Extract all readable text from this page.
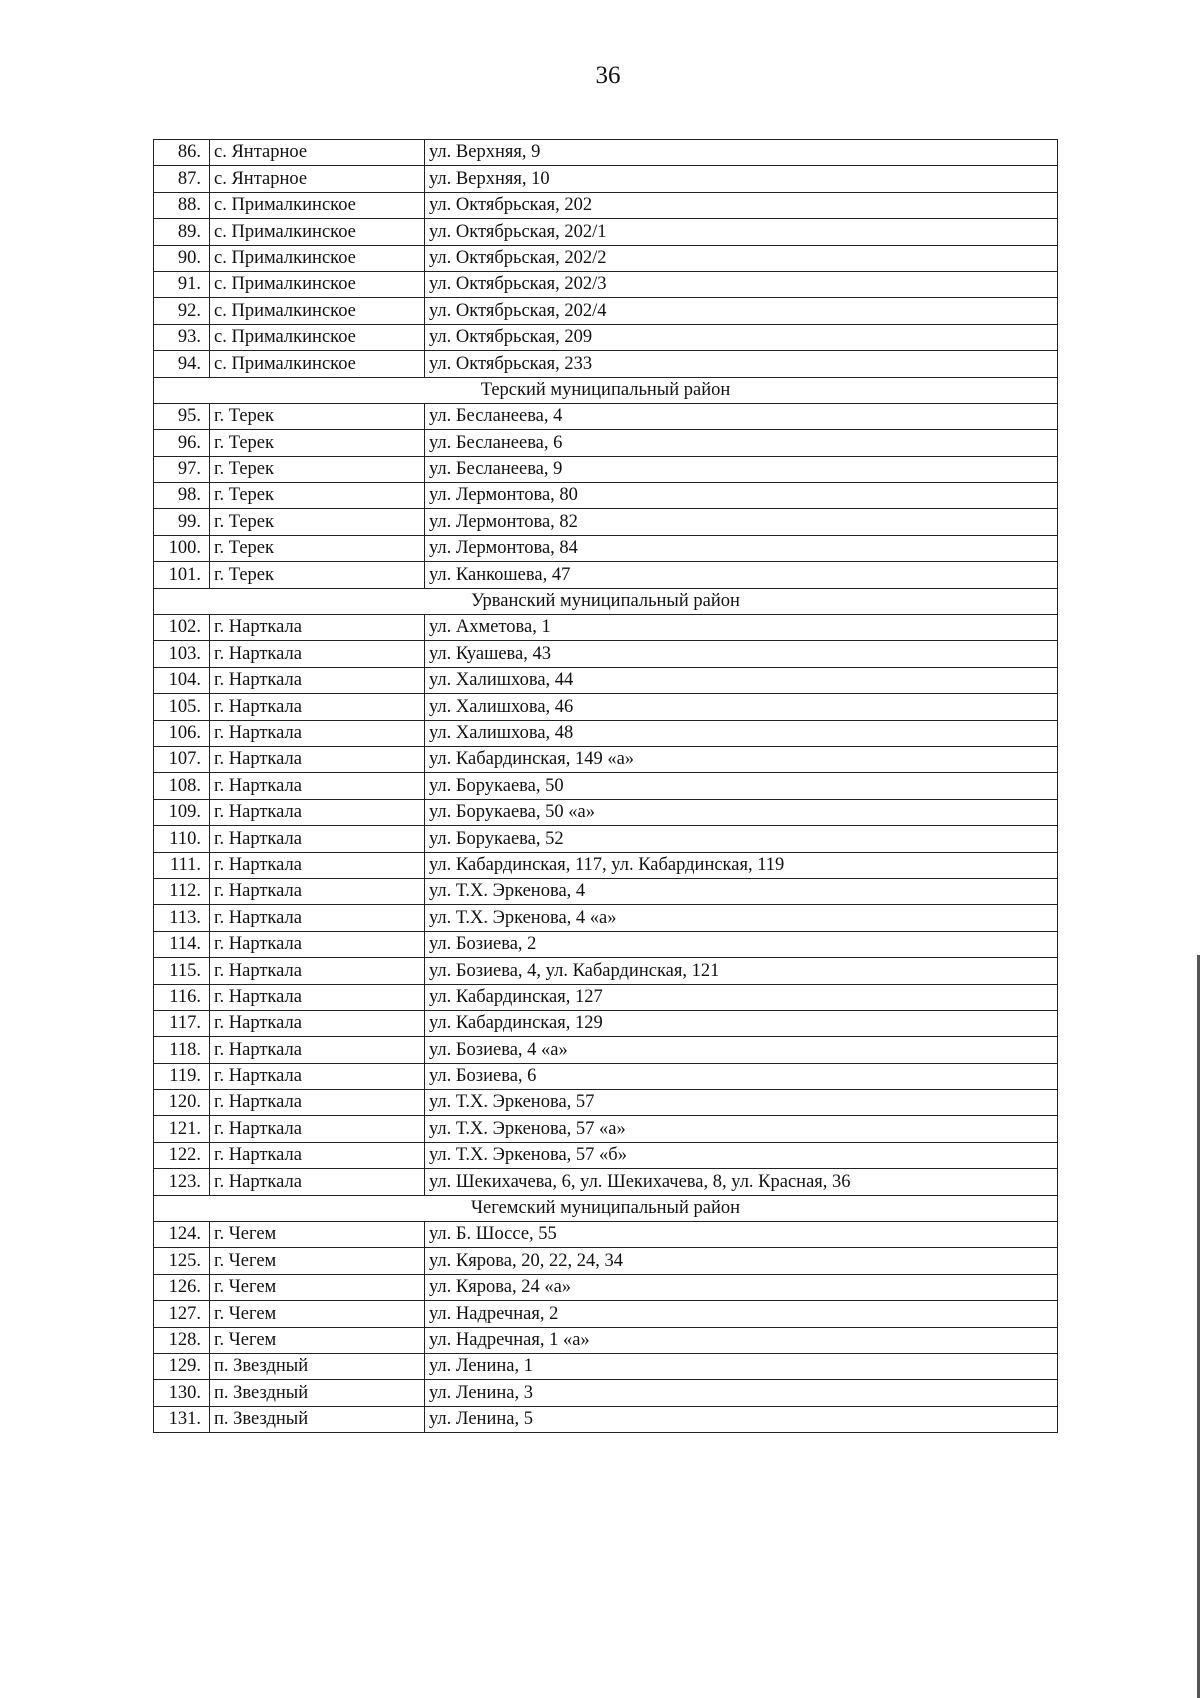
36
86.	с. Янтарное	ул. Верхняя, 9
87.	с. Янтарное	ул. Верхняя, 10
88.	с. Прималкинское	ул. Октябрьская, 202
89.	с. Прималкинское	ул. Октябрьская, 202/1
90.	с. Прималкинское	ул. Октябрьская, 202/2
91.	с. Прималкинское	ул. Октябрьская, 202/3
92.	с. Прималкинское	ул. Октябрьская, 202/4
93.	с. Прималкинское	ул. Октябрьская, 209
94.	с. Прималкинское	ул. Октябрьская, 233
Терский муниципальный район		
95.	г. Терек	ул. Бесланеева, 4
96.	г. Терек	ул. Бесланеева, 6
97.	г. Терек	ул. Бесланеева, 9
98.	г. Терек	ул. Лермонтова, 80
99.	г. Терек	ул. Лермонтова, 82
100.	г. Терек	ул. Лермонтова, 84
101.	г. Терек	ул. Канкошева, 47
Урванский муниципальный район		
102.	г. Нарткала	ул. Ахметова, 1
103.	г. Нарткала	ул. Куашева, 43
104.	г. Нарткала	ул. Халишхова, 44
105.	г. Нарткала	ул. Халишхова, 46
106.	г. Нарткала	ул. Халишхова, 48
107.	г. Нарткала	ул. Кабардинская, 149 «а»
108.	г. Нарткала	ул. Борукаева, 50
109.	г. Нарткала	ул. Борукаева, 50 «а»
110.	г. Нарткала	ул. Борукаева, 52
111.	г. Нарткала	ул. Кабардинская, 117, ул. Кабардинская, 119
112.	г. Нарткала	ул. Т.Х. Эркенова, 4
113.	г. Нарткала	ул. Т.Х. Эркенова, 4 «а»
114.	г. Нарткала	ул. Бозиева, 2
115.	г. Нарткала	ул. Бозиева, 4, ул. Кабардинская, 121
116.	г. Нарткала	ул. Кабардинская, 127
117.	г. Нарткала	ул. Кабардинская, 129
118.	г. Нарткала	ул. Бозиева, 4 «а»
119.	г. Нарткала	ул. Бозиева, 6
120.	г. Нарткала	ул. Т.Х. Эркенова, 57
121.	г. Нарткала	ул. Т.Х. Эркенова, 57 «а»
122.	г. Нарткала	ул. Т.Х. Эркенова, 57 «б»
123.	г. Нарткала	ул. Шекихачева, 6, ул. Шекихачева, 8, ул. Красная, 36
Чегемский муниципальный район		
124.	г. Чегем	ул. Б. Шоссе, 55
125.	г. Чегем	ул. Кярова, 20, 22, 24, 34
126.	г. Чегем	ул. Кярова, 24 «а»
127.	г. Чегем	ул. Надречная, 2
128.	г. Чегем	ул. Надречная, 1 «а»
129.	п. Звездный	ул. Ленина, 1
130.	п. Звездный	ул. Ленина, 3
131.	п. Звездный	ул. Ленина, 5
